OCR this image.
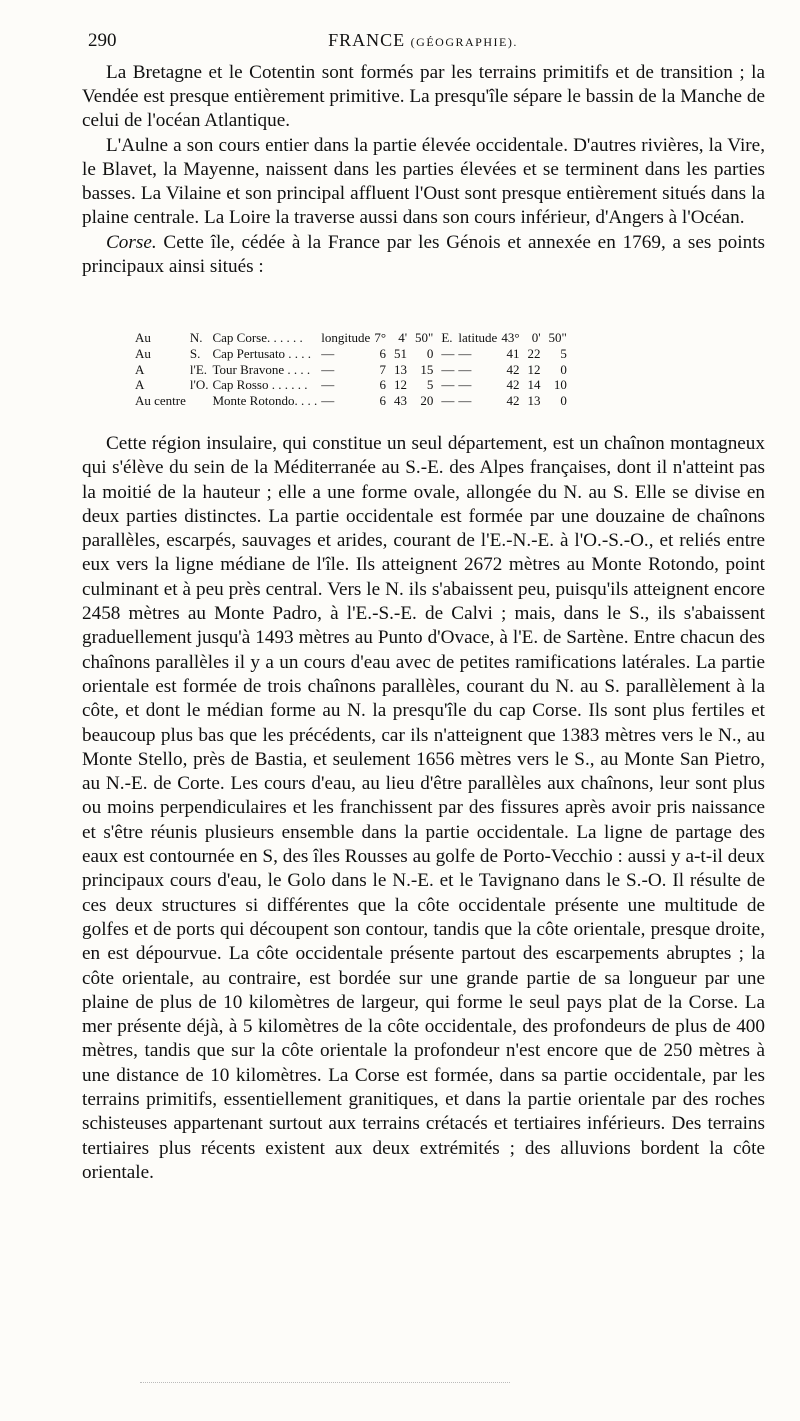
290	FRANCE (GÉOGRAPHIE).

La Bretagne et le Cotentin sont formés par les terrains primitifs et de transition ; la Vendée est presque entièrement primitive. La presqu'île sépare le bassin de la Manche de celui de l'océan Atlantique.

L'Aulne a son cours entier dans la partie élevée occidentale. D'autres rivières, la Vire, le Blavet, la Mayenne, naissent dans les parties élevées et se terminent dans les parties basses. La Vilaine et son principal affluent l'Oust sont presque entièrement situés dans la plaine centrale. La Loire la traverse aussi dans son cours inférieur, d'Angers à l'Océan.

Corse. Cette île, cédée à la France par les Génois et annexée en 1769, a ses points principaux ainsi situés :

Au	N.	Cap Corse. . . . . .	longitude	7°	4'	50"	E.	latitude	43°	0'	50"
Au	S.	Cap Pertusato . . . .	—	6	51	0	—	—	41	22	5
A	l'E.	Tour Bravone . . . .	—	7	13	15	—	—	42	12	0
A	l'O.	Cap Rosso . . . . . .	—	6	12	5	—	—	42	14	10
Au centre		Monte Rotondo. . . .	—	6	43	20	—	—	42	13	0

Cette région insulaire, qui constitue un seul département, est un chaînon montagneux qui s'élève du sein de la Méditerranée au S.-E. des Alpes françaises, dont il n'atteint pas la moitié de la hauteur ; elle a une forme ovale, allongée du N. au S. Elle se divise en deux parties distinctes. La partie occidentale est formée par une douzaine de chaînons parallèles, escarpés, sauvages et arides, courant de l'E.-N.-E. à l'O.-S.-O., et reliés entre eux vers la ligne médiane de l'île. Ils atteignent 2672 mètres au Monte Rotondo, point culminant et à peu près central. Vers le N. ils s'abaissent peu, puisqu'ils atteignent encore 2458 mètres au Monte Padro, à l'E.-S.-E. de Calvi ; mais, dans le S., ils s'abaissent graduellement jusqu'à 1493 mètres au Punto d'Ovace, à l'E. de Sartène. Entre chacun des chaînons parallèles il y a un cours d'eau avec de petites ramifications latérales. La partie orientale est formée de trois chaînons parallèles, courant du N. au S. parallèlement à la côte, et dont le médian forme au N. la presqu'île du cap Corse. Ils sont plus fertiles et beaucoup plus bas que les précédents, car ils n'atteignent que 1383 mètres vers le N., au Monte Stello, près de Bastia, et seulement 1656 mètres vers le S., au Monte San Pietro, au N.-E. de Corte. Les cours d'eau, au lieu d'être parallèles aux chaînons, leur sont plus ou moins perpendiculaires et les franchissent par des fissures après avoir pris naissance et s'être réunis plusieurs ensemble dans la partie occidentale. La ligne de partage des eaux est contournée en S, des îles Rousses au golfe de Porto-Vecchio : aussi y a-t-il deux principaux cours d'eau, le Golo dans le N.-E. et le Tavignano dans le S.-O. Il résulte de ces deux structures si différentes que la côte occidentale présente une multitude de golfes et de ports qui découpent son contour, tandis que la côte orientale, presque droite, en est dépourvue. La côte occidentale présente partout des escarpements abruptes ; la côte orientale, au contraire, est bordée sur une grande partie de sa longueur par une plaine de plus de 10 kilomètres de largeur, qui forme le seul pays plat de la Corse. La mer présente déjà, à 5 kilomètres de la côte occidentale, des profondeurs de plus de 400 mètres, tandis que sur la côte orientale la profondeur n'est encore que de 250 mètres à une distance de 10 kilomètres. La Corse est formée, dans sa partie occidentale, par les terrains primitifs, essentiellement granitiques, et dans la partie orientale par des roches schisteuses appartenant surtout aux terrains crétacés et tertiaires inférieurs. Des terrains tertiaires plus récents existent aux deux extrémités ; des alluvions bordent la côte orientale.
